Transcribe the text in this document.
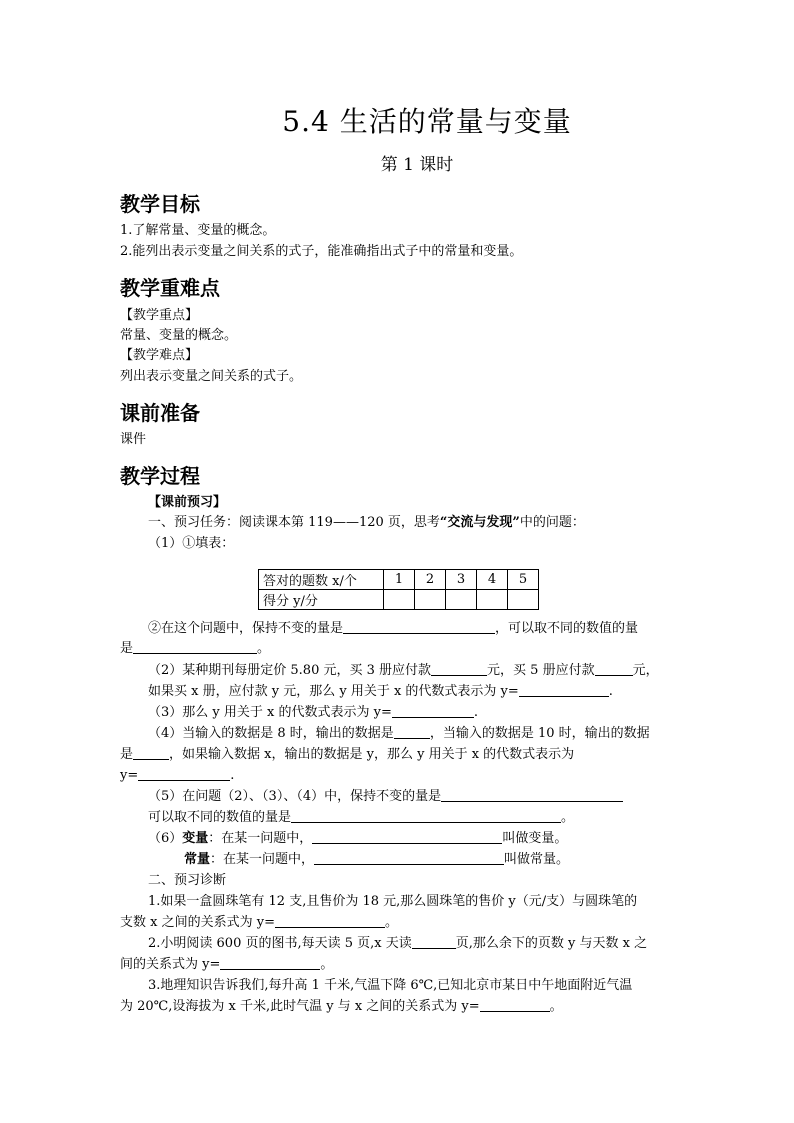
5.4 生活的常量与变量
第 1 课时
教学目标
1.了解常量、变量的概念。
2.能列出表示变量之间关系的式子，能准确指出式子中的常量和变量。
教学重难点
【教学重点】
常量、变量的概念。
【教学难点】
列出表示变量之间关系的式子。
课前准备
课件
教学过程
【课前预习】
一、预习任务：阅读课本第 119——120 页，思考“交流与发现”中的问题：
（1）①填表：
答对的题数 x/个	1	2	3	4	5
得分 y/分					
②在这个问题中，保持不变的量是	，可以取不同的数值的量
是	。
（2）某种期刊每册定价 5.80 元，买 3 册应付款	元，买 5 册应付款	元，
如果买 x 册，应付款 y 元，那么 y 用关于 x 的代数式表示为 y=	.
（3）那么 y 用关于 x 的代数式表示为 y=	.
（4）当输入的数据是 8 时，输出的数据是	，当输入的数据是 10 时，输出的数据
是	，如果输入数据 x，输出的数据是 y，那么 y 用关于 x 的代数式表示为
y=	.
（5）在问题（2）、（3）、（4）中，保持不变的量是
可以取不同的数值的量是	。
（6）变量：在某一问题中，	叫做变量。
常量：在某一问题中，	叫做常量。
二、预习诊断
1.如果一盒圆珠笔有 12 支,且售价为 18 元,那么圆珠笔的售价 y（元/支）与圆珠笔的
支数 x 之间的关系式为 y=	。
2.小明阅读 600 页的图书,每天读 5 页,x 天读	页,那么余下的页数 y 与天数 x 之
间的关系式为 y=	。
3.地理知识告诉我们,每升高 1 千米,气温下降 6℃,已知北京市某日中午地面附近气温
为 20℃,设海拔为 x 千米,此时气温 y 与 x 之间的关系式为 y=	。
